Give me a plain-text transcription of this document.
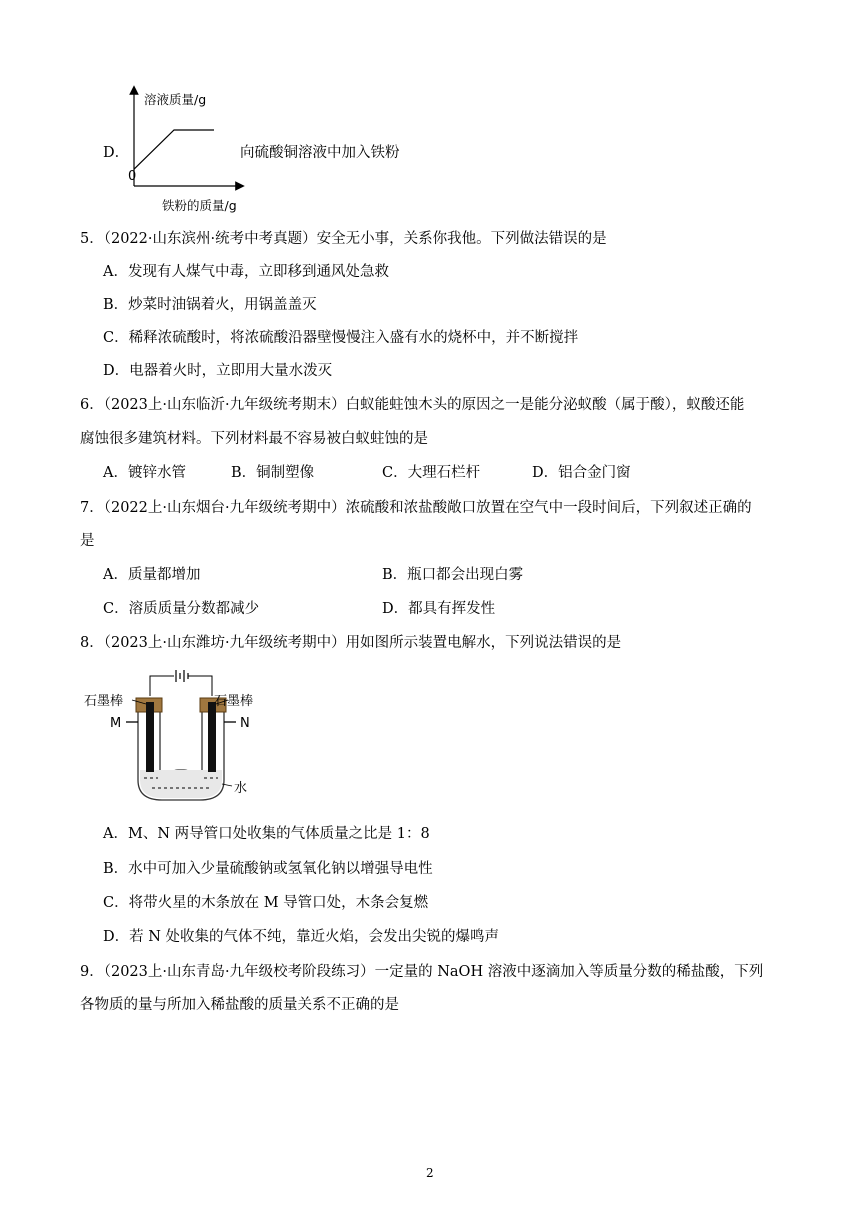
D．
溶液质量/g
0
铁粉的质量/g
向硫酸铜溶液中加入铁粉
5．（2022·山东滨州·统考中考真题）安全无小事，关系你我他。下列做法错误的是
A．发现有人煤气中毒，立即移到通风处急救
B．炒菜时油锅着火，用锅盖盖灭
C．稀释浓硫酸时，将浓硫酸沿器壁慢慢注入盛有水的烧杯中，并不断搅拌
D．电器着火时，立即用大量水泼灭
6．（2023上·山东临沂·九年级统考期末）白蚁能蛀蚀木头的原因之一是能分泌蚁酸（属于酸），蚁酸还能
腐蚀很多建筑材料。下列材料最不容易被白蚁蛀蚀的是
A．镀锌水管	B．铜制塑像	C．大理石栏杆	D．铝合金门窗
7．（2022上·山东烟台·九年级统考期中）浓硫酸和浓盐酸敞口放置在空气中一段时间后，下列叙述正确的
是
A．质量都增加	B．瓶口都会出现白雾
C．溶质质量分数都减少	D．都具有挥发性
8．（2023上·山东潍坊·九年级统考期中）用如图所示装置电解水，下列说法错误的是
石墨棒	石墨棒
M	N
水
A．M、N 两导管口处收集的气体质量之比是 1：8
B．水中可加入少量硫酸钠或氢氧化钠以增强导电性
C．将带火星的木条放在 M 导管口处，木条会复燃
D．若 N 处收集的气体不纯，靠近火焰，会发出尖锐的爆鸣声
9．（2023上·山东青岛·九年级校考阶段练习）一定量的 NaOH 溶液中逐滴加入等质量分数的稀盐酸，下列
各物质的量与所加入稀盐酸的质量关系不正确的是
2
